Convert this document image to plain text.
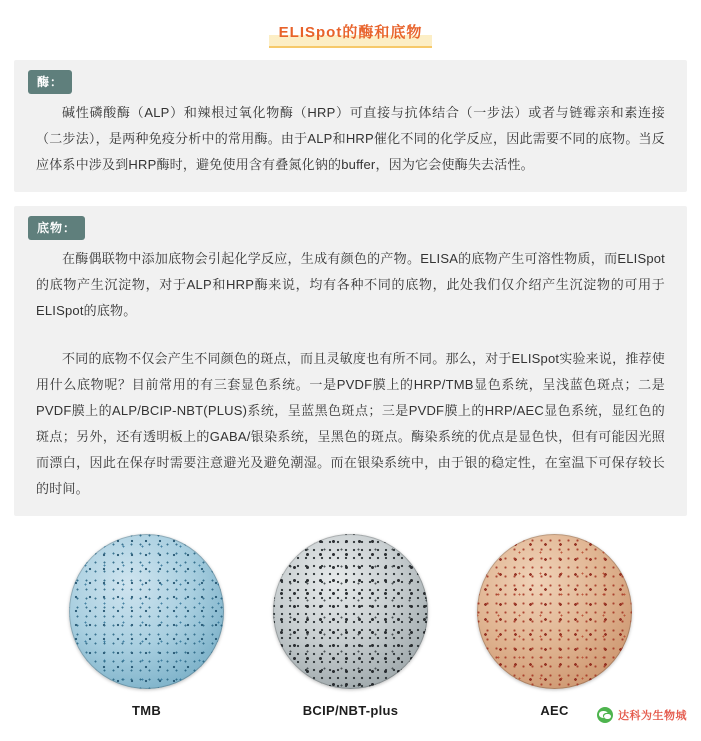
ELISpot的酶和底物
酶：

碱性磷酸酶（ALP）和辣根过氧化物酶（HRP）可直接与抗体结合（一步法）或者与链霉亲和素连接（二步法），是两种免疫分析中的常用酶。由于ALP和HRP催化不同的化学反应，因此需要不同的底物。当反应体系中涉及到HRP酶时，避免使用含有叠氮化钠的buffer，因为它会使酶失去活性。

底物：

在酶偶联物中添加底物会引起化学反应，生成有颜色的产物。ELISA的底物产生可溶性物质，而ELISpot的底物产生沉淀物，对于ALP和HRP酶来说，均有各种不同的底物，此处我们仅介绍产生沉淀物的可用于ELISpot的底物。

不同的底物不仅会产生不同颜色的斑点，而且灵敏度也有所不同。那么，对于ELISpot实验来说，推荐使用什么底物呢？目前常用的有三套显色系统。一是PVDF膜上的HRP/TMB显色系统，呈浅蓝色斑点；二是PVDF膜上的ALP/BCIP-NBT(PLUS)系统，呈蓝黑色斑点；三是PVDF膜上的HRP/AEC显色系统，显红色的斑点；另外，还有透明板上的GABA/银染系统，呈黑色的斑点。酶染系统的优点是显色快，但有可能因光照而漂白，因此在保存时需要注意避光及避免潮湿。而在银染系统中，由于银的稳定性，在室温下可保存较长的时间。

TMB	BCIP/NBT-plus	AEC	达科为生物城
